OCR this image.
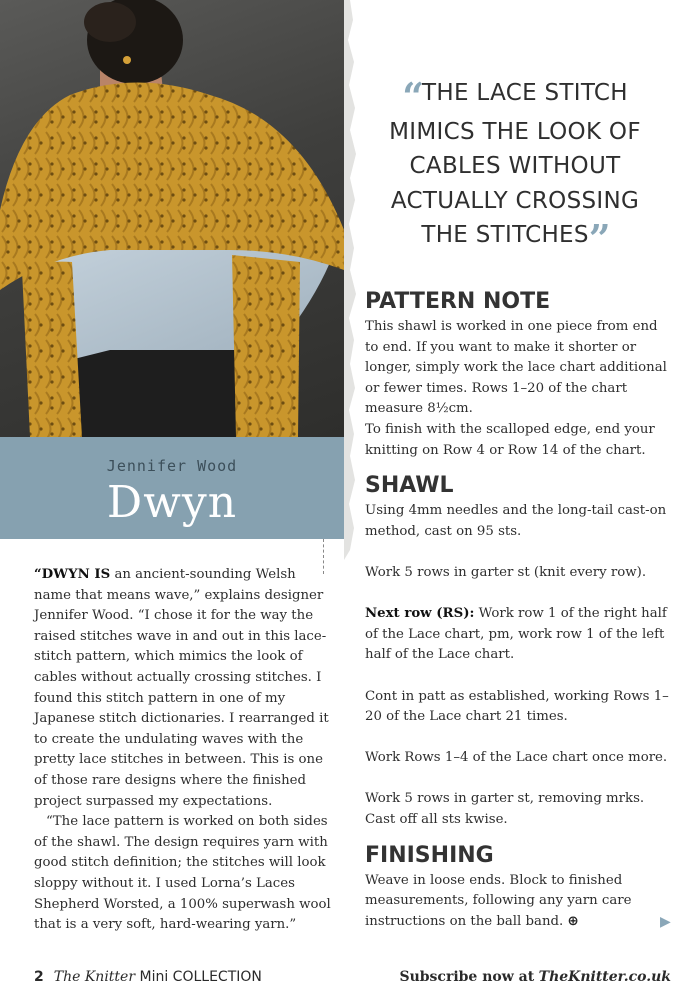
Jennifer Wood
Dwyn
“THE LACE STITCH MIMICS THE LOOK OF CABLES WITHOUT ACTUALLY CROSSING THE STITCHES”

“DWYN IS an ancient-sounding Welsh name that means wave,” explains designer Jennifer Wood. “I chose it for the way the raised stitches wave in and out in this lace-stitch pattern, which mimics the look of cables without actually crossing stitches. I found this stitch pattern in one of my Japanese stitch dictionaries. I rearranged it to create the undulating waves with the pretty lace stitches in between. This is one of those rare designs where the finished project surpassed my expectations.

“The lace pattern is worked on both sides of the shawl. The design requires yarn with good stitch definition; the stitches will look sloppy without it. I used Lorna’s Laces Shepherd Worsted, a 100% superwash wool that is a very soft, hard-wearing yarn.”

PATTERN NOTE

This shawl is worked in one piece from end to end. If you want to make it shorter or longer, simply work the lace chart additional or fewer times. Rows 1–20 of the chart measure 8½cm.

To finish with the scalloped edge, end your knitting on Row 4 or Row 14 of the chart.

SHAWL

Using 4mm needles and the long-tail cast-on method, cast on 95 sts.

Work 5 rows in garter st (knit every row).

Next row (RS): Work row 1 of the right half of the Lace chart, pm, work row 1 of the left half of the Lace chart.

Cont in patt as established, working Rows 1–20 of the Lace chart 21 times.

Work Rows 1–4 of the Lace chart once more.

Work 5 rows in garter st, removing mrks. Cast off all sts kwise.

FINISHING

Weave in loose ends. Block to finished measurements, following any yarn care instructions on the ball band. ⊕	▶
2 The Knitter Mini COLLECTION	Subscribe now at TheKnitter.co.uk
